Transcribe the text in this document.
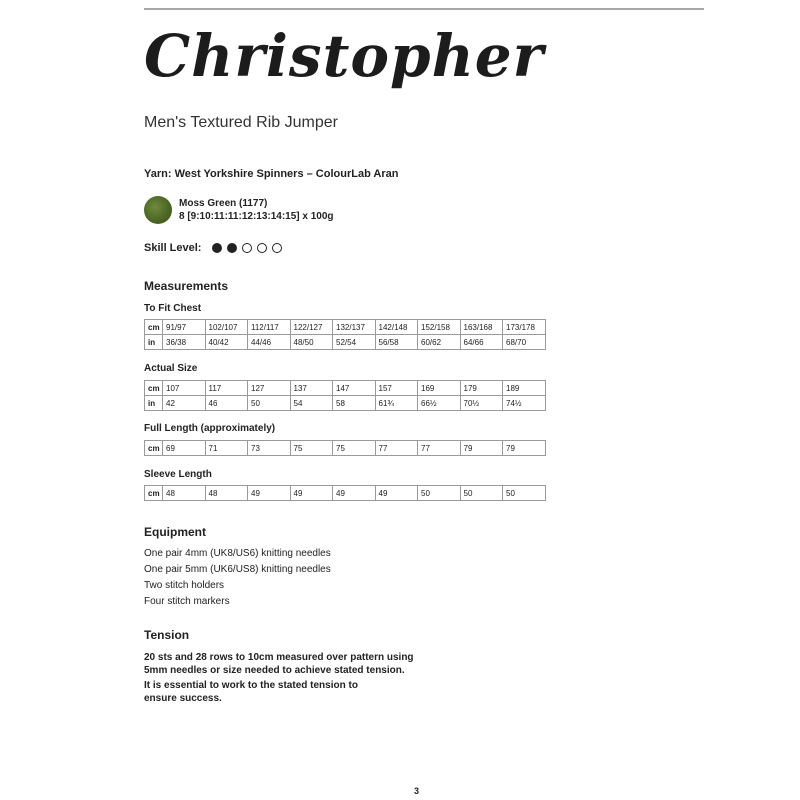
Christopher
Men's Textured Rib Jumper
Yarn: West Yorkshire Spinners – ColourLab Aran
Moss Green (1177)
8 [9:10:11:11:12:13:14:15] x 100g
Skill Level:
Measurements
To Fit Chest
cm	91/97	102/107	112/117	122/127	132/137	142/148	152/158	163/168	173/178
in	36/38	40/42	44/46	48/50	52/54	56/58	60/62	64/66	68/70
Actual Size
cm	107	117	127	137	147	157	169	179	189
in	42	46	50	54	58	61¾	66½	70½	74½
Full Length (approximately)
cm	69	71	73	75	75	77	77	79	79
Sleeve Length
cm	48	48	49	49	49	49	50	50	50
Equipment
One pair 4mm (UK8/US6) knitting needles
One pair 5mm (UK6/US8) knitting needles
Two stitch holders
Four stitch markers
Tension
20 sts and 28 rows to 10cm measured over pattern using
5mm needles or size needed to achieve stated tension.
It is essential to work to the stated tension to
ensure success.
3
